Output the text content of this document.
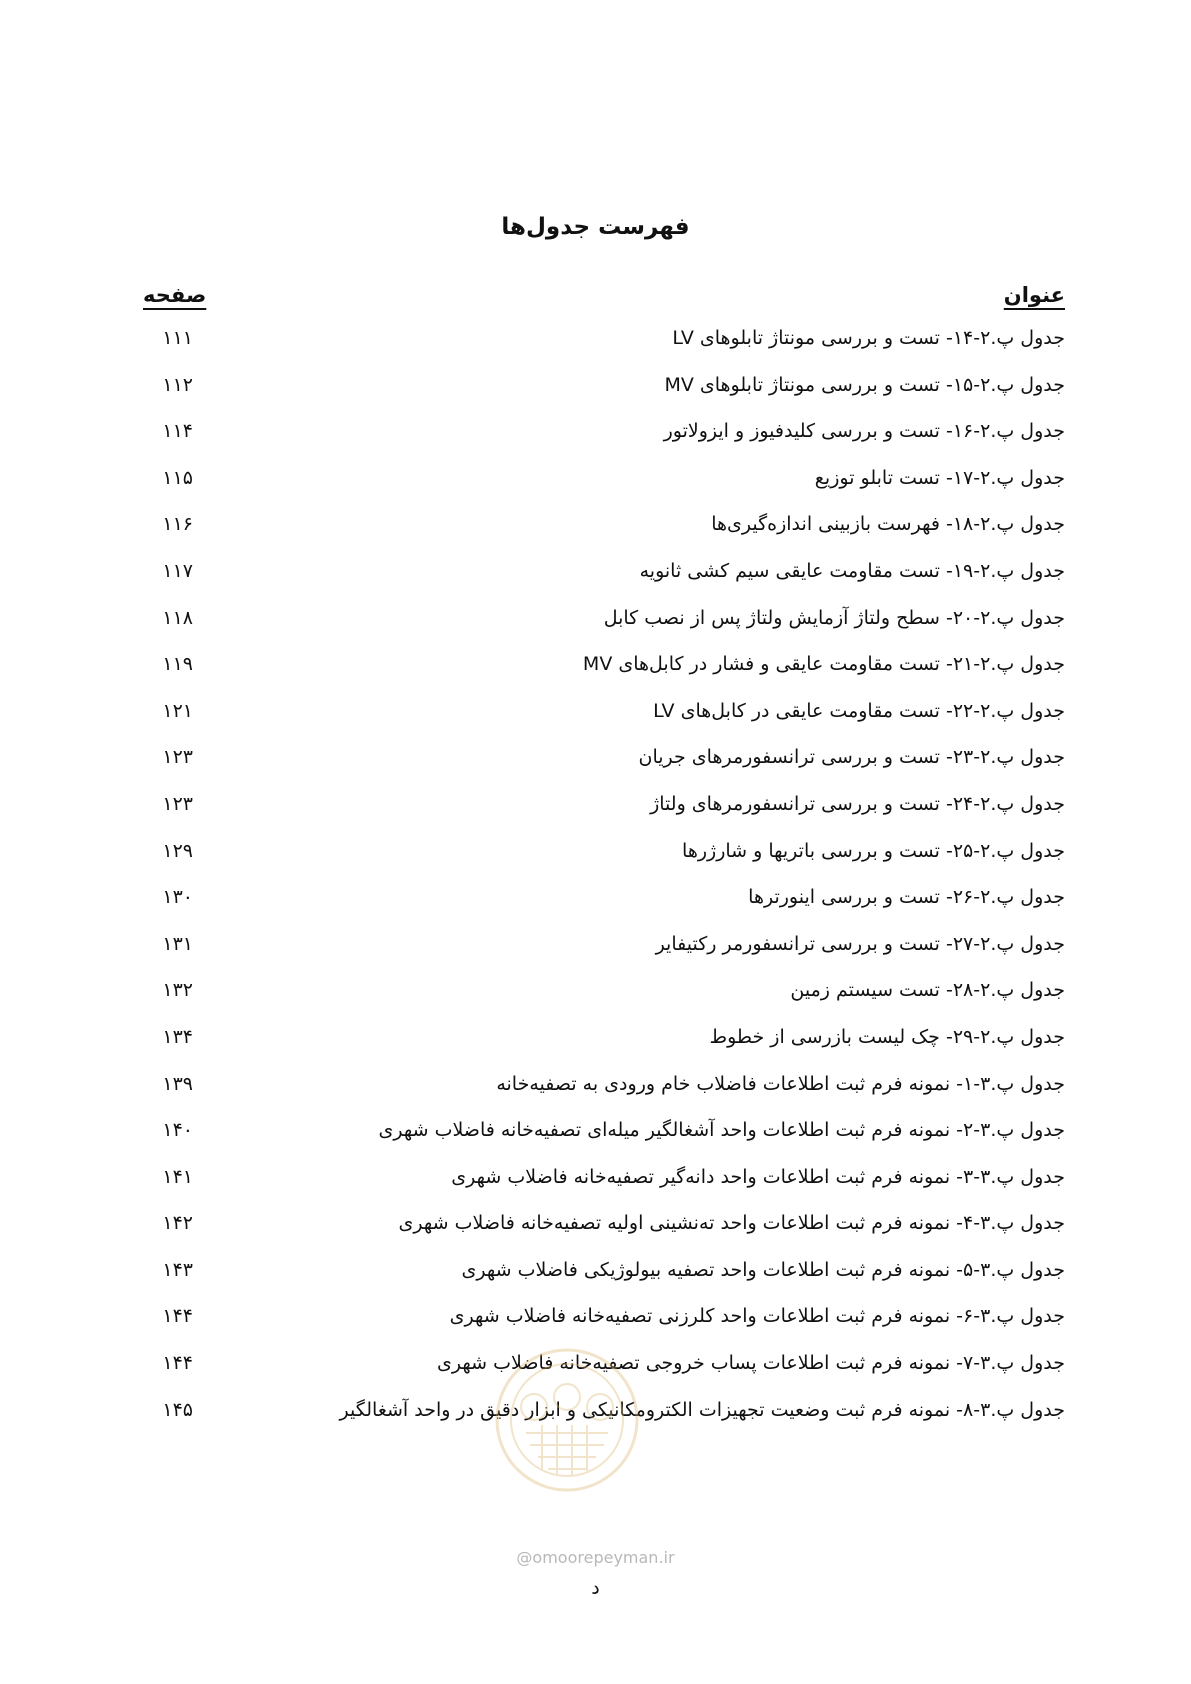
فهرست جدول‌ها
عنوان
صفحه
جدول پ.۲-۱۴- تست و بررسی مونتاژ تابلوهای LV
۱۱۱
جدول پ.۲-۱۵- تست و بررسی مونتاژ تابلوهای MV
۱۱۲
جدول پ.۲-۱۶- تست و بررسی کلیدفیوز و ایزولاتور
۱۱۴
جدول پ.۲-۱۷- تست تابلو توزیع
۱۱۵
جدول پ.۲-۱۸- فهرست بازبینی اندازه‌گیری‌ها
۱۱۶
جدول پ.۲-۱۹- تست مقاومت عایقی سیم کشی ثانویه
۱۱۷
جدول پ.۲-۲۰- سطح ولتاژ آزمایش ولتاژ پس از نصب کابل
۱۱۸
جدول پ.۲-۲۱- تست مقاومت عایقی و فشار در کابل‌های MV
۱۱۹
جدول پ.۲-۲۲- تست مقاومت عایقی در کابل‌های LV
۱۲۱
جدول پ.۲-۲۳- تست و بررسی ترانسفورمرهای جریان
۱۲۳
جدول پ.۲-۲۴- تست و بررسی ترانسفورمرهای ولتاژ
۱۲۳
جدول پ.۲-۲۵- تست و بررسی باتریها و شارژرها
۱۲۹
جدول پ.۲-۲۶- تست و بررسی اینورترها
۱۳۰
جدول پ.۲-۲۷- تست و بررسی ترانسفورمر رکتیفایر
۱۳۱
جدول پ.۲-۲۸- تست سیستم زمین
۱۳۲
جدول پ.۲-۲۹- چک لیست بازرسی از خطوط
۱۳۴
جدول پ.۳-۱- نمونه فرم ثبت اطلاعات فاضلاب خام ورودی به تصفیه‌خانه
۱۳۹
جدول پ.۳-۲- نمونه فرم ثبت اطلاعات واحد آشغالگیر میله‌ای تصفیه‌خانه فاضلاب شهری
۱۴۰
جدول پ.۳-۳- نمونه فرم ثبت اطلاعات واحد دانه‌گیر تصفیه‌خانه فاضلاب شهری
۱۴۱
جدول پ.۳-۴- نمونه فرم ثبت اطلاعات واحد ته‌نشینی اولیه تصفیه‌خانه فاضلاب شهری
۱۴۲
جدول پ.۳-۵- نمونه فرم ثبت اطلاعات واحد تصفیه بیولوژیکی فاضلاب شهری
۱۴۳
جدول پ.۳-۶- نمونه فرم ثبت اطلاعات واحد کلرزنی تصفیه‌خانه فاضلاب شهری
۱۴۴
جدول پ.۳-۷- نمونه فرم ثبت اطلاعات پساب خروجی تصفیه‌خانه فاضلاب شهری
۱۴۴
جدول پ.۳-۸- نمونه فرم ثبت وضعیت تجهیزات الکترومکانیکی و ابزار دقیق در واحد آشغالگیر
۱۴۵
@omoorepeyman.ir
د
